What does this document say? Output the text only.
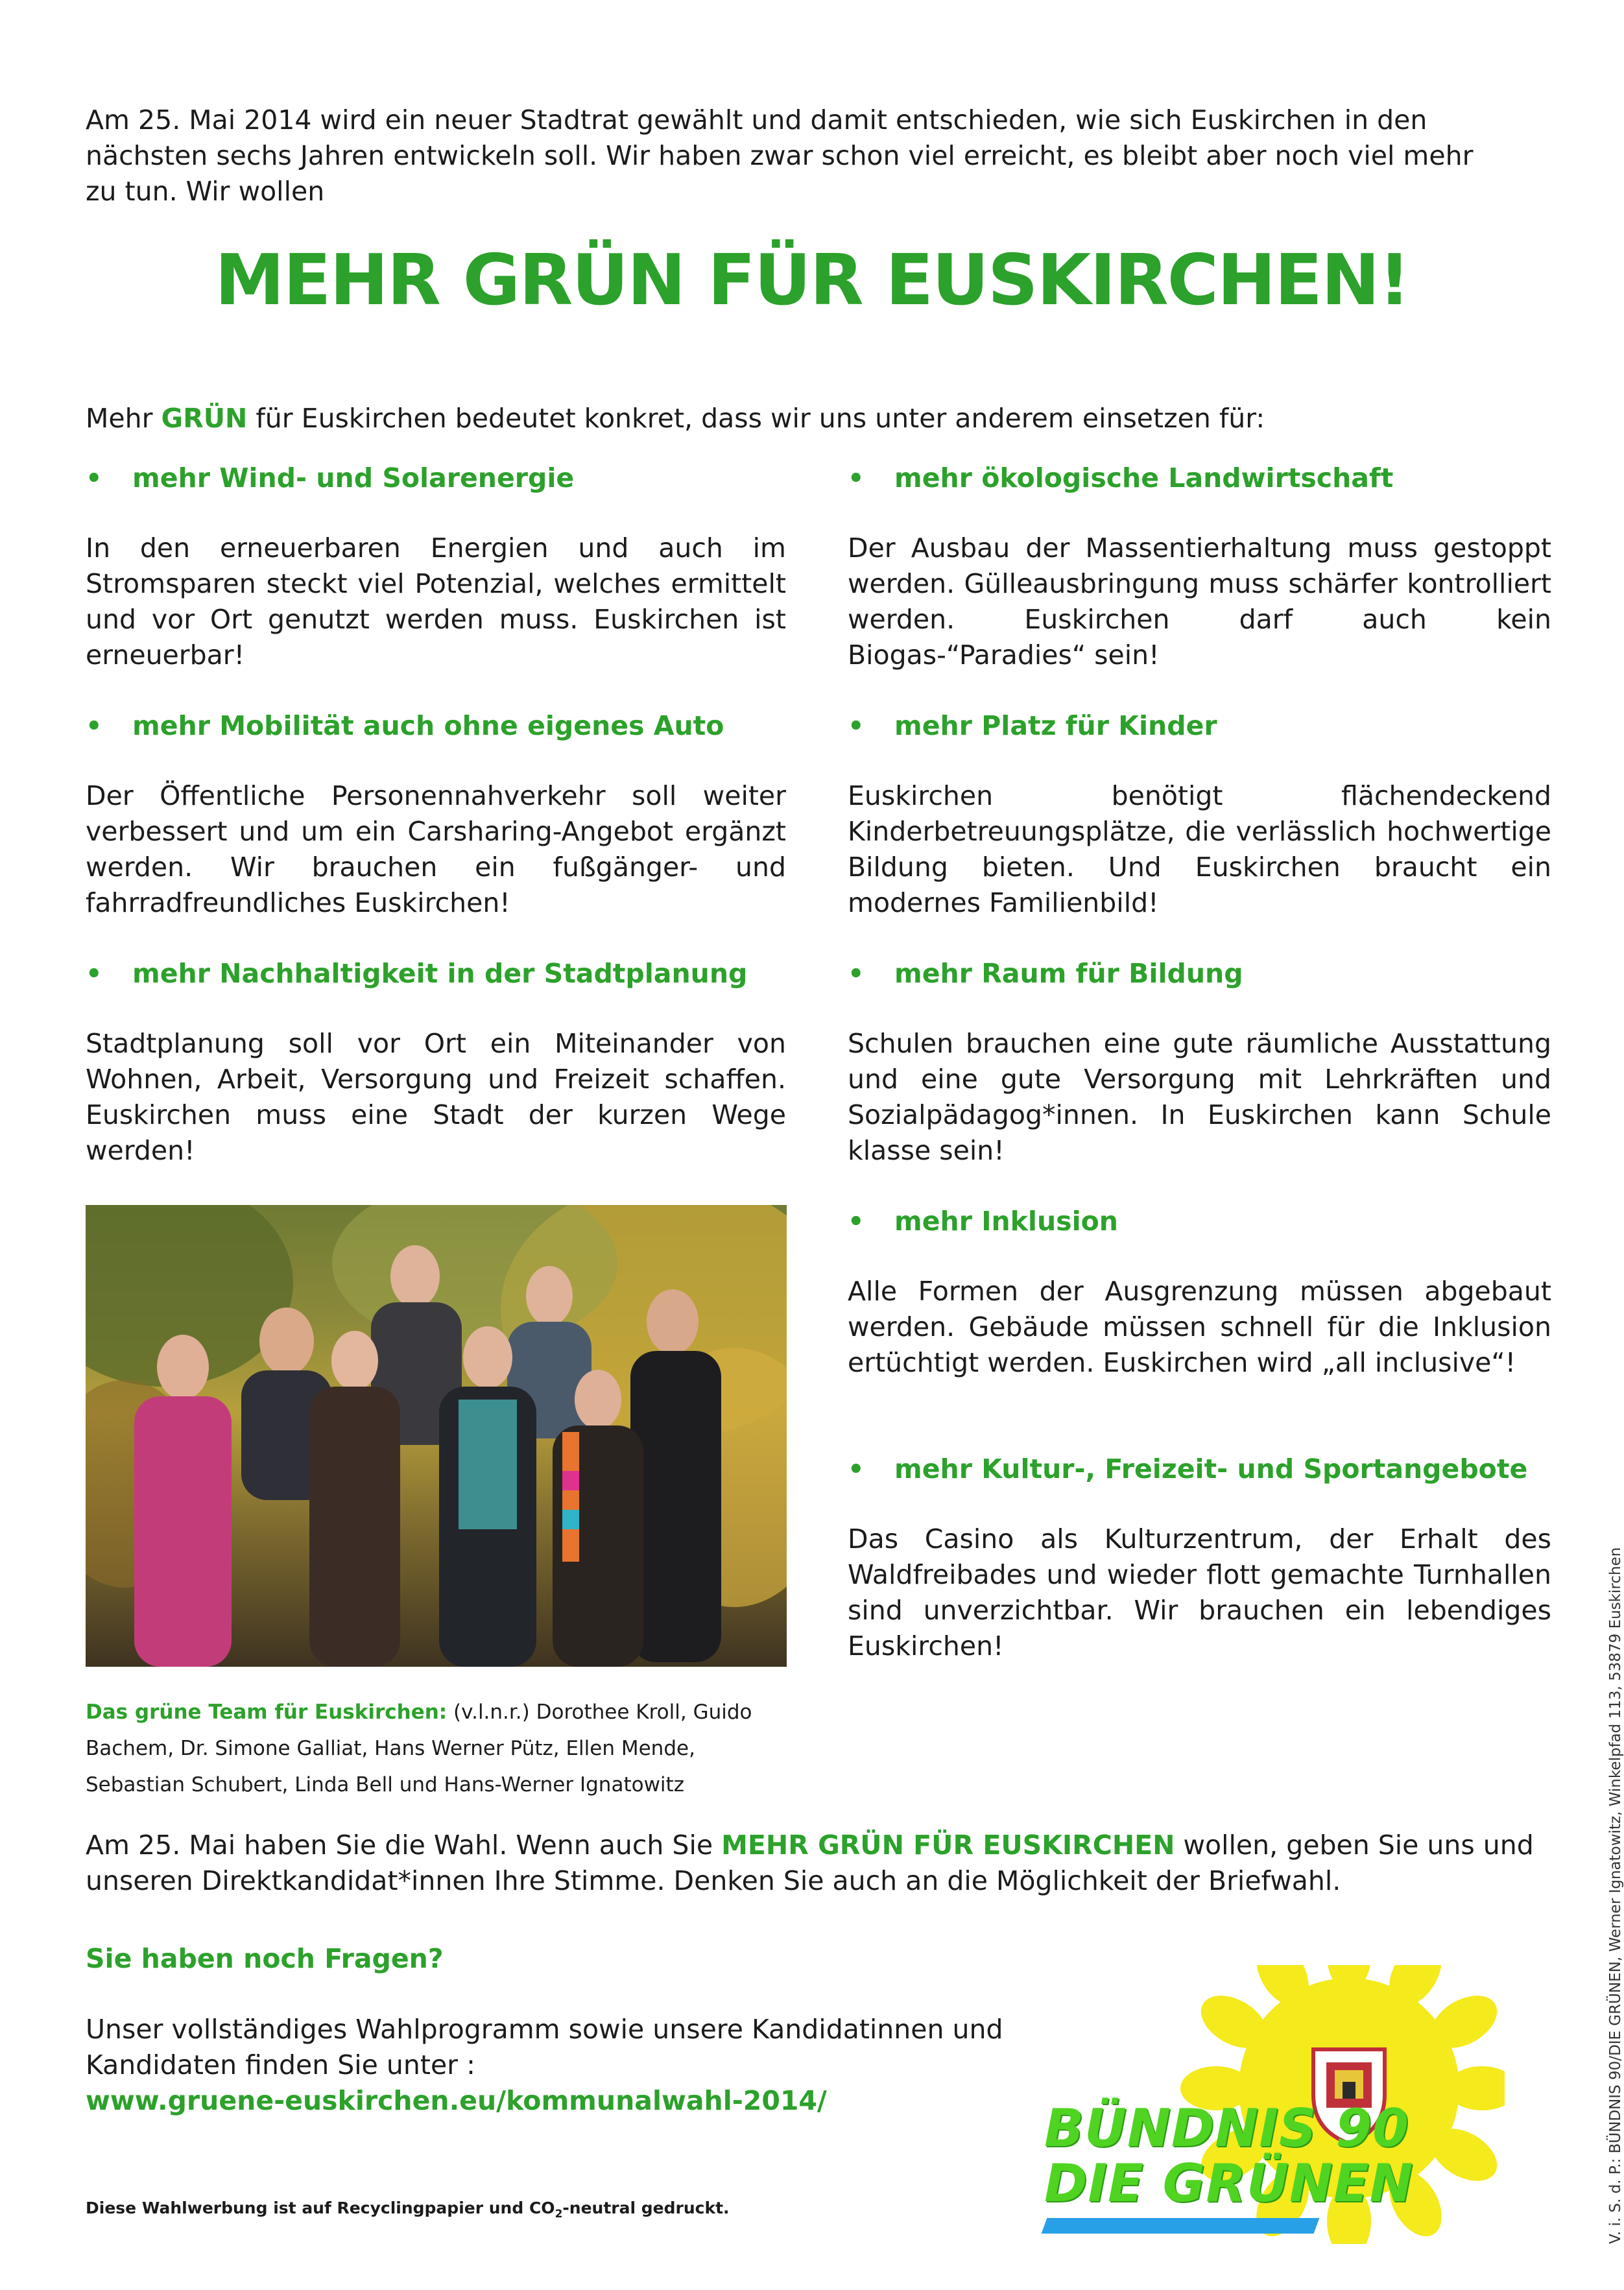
Am 25. Mai 2014 wird ein neuer Stadtrat gewählt und damit entschieden, wie sich Euskirchen in den nächsten sechs Jahren entwickeln soll. Wir haben zwar schon viel erreicht, es bleibt aber noch viel mehr zu tun. Wir wollen

MEHR GRÜN FÜR EUSKIRCHEN!

Mehr GRÜN für Euskirchen bedeutet konkret, dass wir uns unter anderem einsetzen für:

•	mehr Wind- und Solarenergie

In den erneuerbaren Energien und auch im Stromsparen steckt viel Potenzial, welches ermittelt und vor Ort genutzt werden muss. Euskirchen ist erneuerbar!

•	mehr Mobilität auch ohne eigenes Auto

Der Öffentliche Personennahverkehr soll weiter verbessert und um ein Carsharing-Angebot ergänzt werden. Wir brauchen ein fußgänger- und fahrradfreundliches Euskirchen!

•	mehr Nachhaltigkeit in der Stadtplanung

Stadtplanung soll vor Ort ein Miteinander von Wohnen, Arbeit, Versorgung und Freizeit schaffen. Euskirchen muss eine Stadt der kurzen Wege werden!

•	mehr ökologische Landwirtschaft

Der Ausbau der Massentierhaltung muss gestoppt werden. Gülleausbringung muss schärfer kontrolliert werden. Euskirchen darf auch kein Biogas-“Paradies“ sein!

•	mehr Platz für Kinder

Euskirchen benötigt flächendeckend Kinderbetreuungsplätze, die verlässlich hochwertige Bildung bieten. Und Euskirchen braucht ein modernes Familienbild!

•	mehr Raum für Bildung

Schulen brauchen eine gute räumliche Ausstattung und eine gute Versorgung mit Lehrkräften und Sozialpädagog*innen. In Euskirchen kann Schule klasse sein!

•	mehr Inklusion

Alle Formen der Ausgrenzung müssen abgebaut werden. Gebäude müssen schnell für die Inklusion ertüchtigt werden. Euskirchen wird „all inclusive“!

•	mehr Kultur-, Freizeit- und Sportangebote

Das Casino als Kulturzentrum, der Erhalt des Waldfreibades und wieder flott gemachte Turnhallen sind unverzichtbar. Wir brauchen ein lebendiges Euskirchen!

Das grüne Team für Euskirchen: (v.l.n.r.) Dorothee Kroll, Guido Bachem, Dr. Simone Galliat, Hans Werner Pütz, Ellen Mende, Sebastian Schubert, Linda Bell und Hans-Werner Ignatowitz

Am 25. Mai haben Sie die Wahl. Wenn auch Sie MEHR GRÜN FÜR EUSKIRCHEN wollen, geben Sie uns und unseren Direktkandidat*innen Ihre Stimme. Denken Sie auch an die Möglichkeit der Briefwahl.

Sie haben noch Fragen?

Unser vollständiges Wahlprogramm sowie unsere Kandidatinnen und Kandidaten finden Sie unter :
www.gruene-euskirchen.eu/kommunalwahl-2014/

Diese Wahlwerbung ist auf Recyclingpapier und $CO_2$-neutral gedruckt.	V. i. S. d. P.: BÜNDNIS 90/DIE GRÜNEN, Werner Ignatowitz, Winkelpfad 113, 53879 Euskirchen
BÜNDNIS 90
DIE GRÜNEN
